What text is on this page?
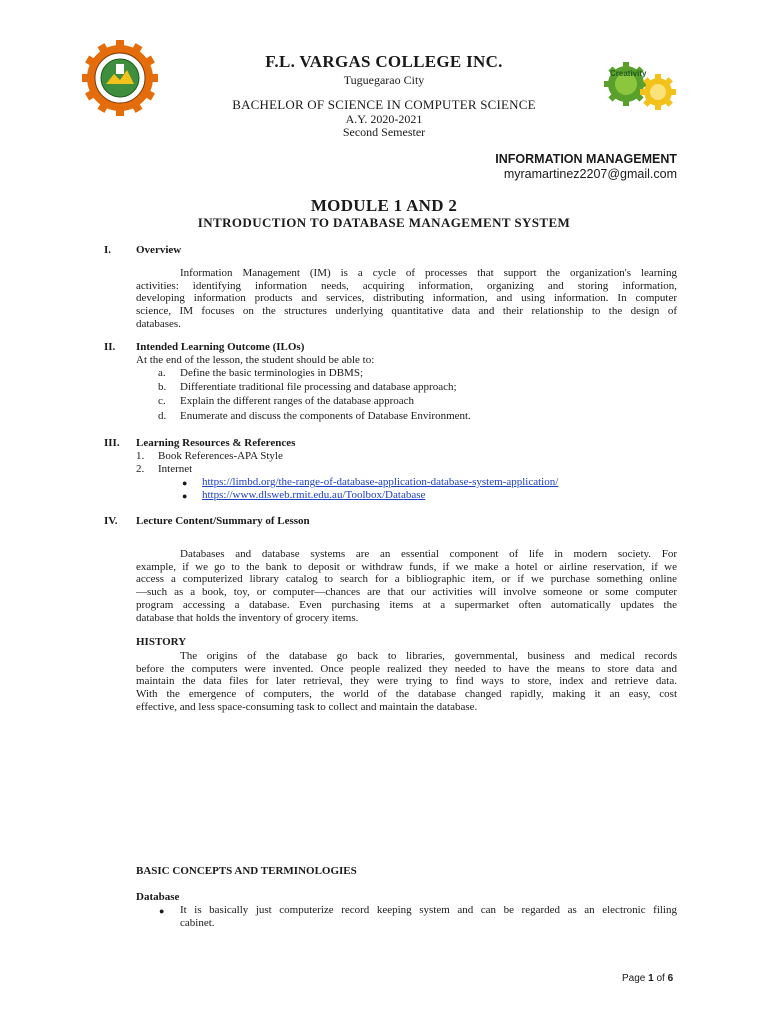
Creativity
F.L. VARGAS COLLEGE INC.
Tuguegarao City
BACHELOR OF SCIENCE IN COMPUTER SCIENCE
A.Y. 2020-2021
Second Semester
INFORMATION MANAGEMENT
myramartinez2207@gmail.com
MODULE 1 AND 2
INTRODUCTION TO DATABASE MANAGEMENT SYSTEM
I. Overview
Information Management (IM) is a cycle of processes that support the organization's learning
activities: identifying information needs, acquiring information, organizing and storing information,
developing information products and services, distributing information, and using information. In computer
science, IM focuses on the structures underlying quantitative data and their relationship to the design of
databases.
II. Intended Learning Outcome (ILOs)
At the end of the lesson, the student should be able to:
a. Define the basic terminologies in DBMS;
b. Differentiate traditional file processing and database approach;
c. Explain the different ranges of the database approach
d. Enumerate and discuss the components of Database Environment.
III. Learning Resources & References
1. Book References-APA Style
2. Internet
● https://limbd.org/the-range-of-database-application-database-system-application/
● https://www.dlsweb.rmit.edu.au/Toolbox/Database
IV. Lecture Content/Summary of Lesson
Databases and database systems are an essential component of life in modern society. For
example, if we go to the bank to deposit or withdraw funds, if we make a hotel or airline reservation, if we
access a computerized library catalog to search for a bibliographic item, or if we purchase something online
—such as a book, toy, or computer—chances are that our activities will involve someone or some computer
program accessing a database. Even purchasing items at a supermarket often automatically updates the
database that holds the inventory of grocery items.
HISTORY
The origins of the database go back to libraries, governmental, business and medical records
before the computers were invented. Once people realized they needed to have the means to store data and
maintain the data files for later retrieval, they were trying to find ways to store, index and retrieve data.
With the emergence of computers, the world of the database changed rapidly, making it an easy, cost
effective, and less space-consuming task to collect and maintain the database.
BASIC CONCEPTS AND TERMINOLOGIES
Database
● It is basically just computerize record keeping system and can be regarded as an electronic filing
cabinet.
Page 1 of 6
